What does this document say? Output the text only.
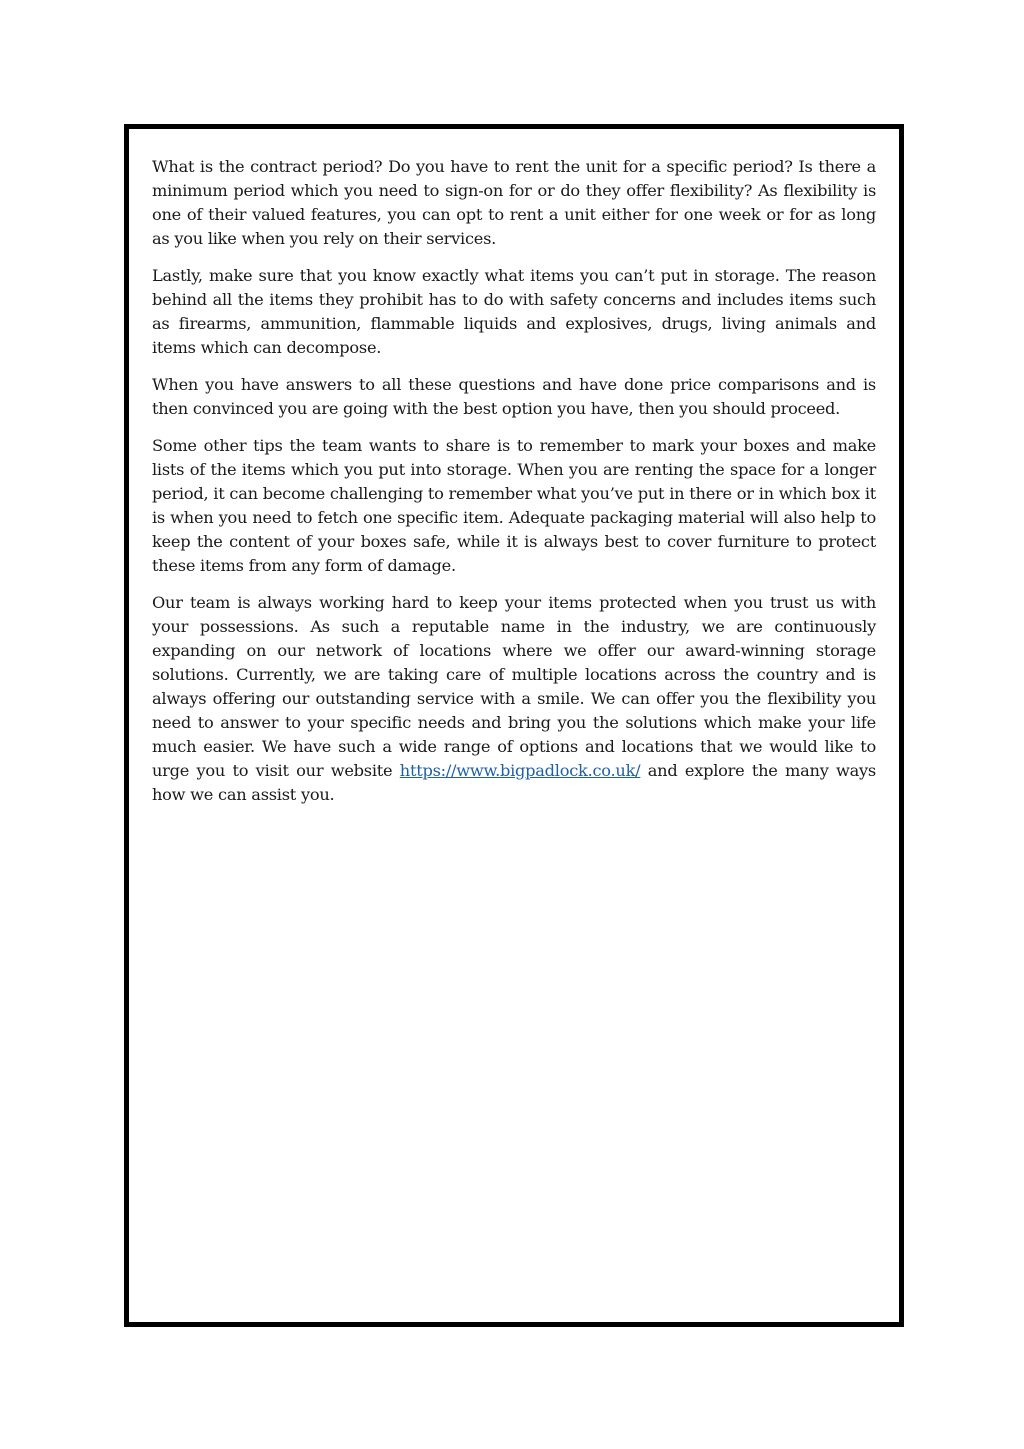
What is the contract period? Do you have to rent the unit for a specific period? Is there a minimum period which you need to sign-on for or do they offer flexibility? As flexibility is one of their valued features, you can opt to rent a unit either for one week or for as long as you like when you rely on their services.

Lastly, make sure that you know exactly what items you can’t put in storage. The reason behind all the items they prohibit has to do with safety concerns and includes items such as firearms, ammunition, flammable liquids and explosives, drugs, living animals and items which can decompose.

When you have answers to all these questions and have done price comparisons and is then convinced you are going with the best option you have, then you should proceed.

Some other tips the team wants to share is to remember to mark your boxes and make lists of the items which you put into storage. When you are renting the space for a longer period, it can become challenging to remember what you’ve put in there or in which box it is when you need to fetch one specific item. Adequate packaging material will also help to keep the content of your boxes safe, while it is always best to cover furniture to protect these items from any form of damage.

Our team is always working hard to keep your items protected when you trust us with your possessions. As such a reputable name in the industry, we are continuously expanding on our network of locations where we offer our award-winning storage solutions. Currently, we are taking care of multiple locations across the country and is always offering our outstanding service with a smile. We can offer you the flexibility you need to answer to your specific needs and bring you the solutions which make your life much easier. We have such a wide range of options and locations that we would like to urge you to visit our website https://www.bigpadlock.co.uk/ and explore the many ways how we can assist you.
